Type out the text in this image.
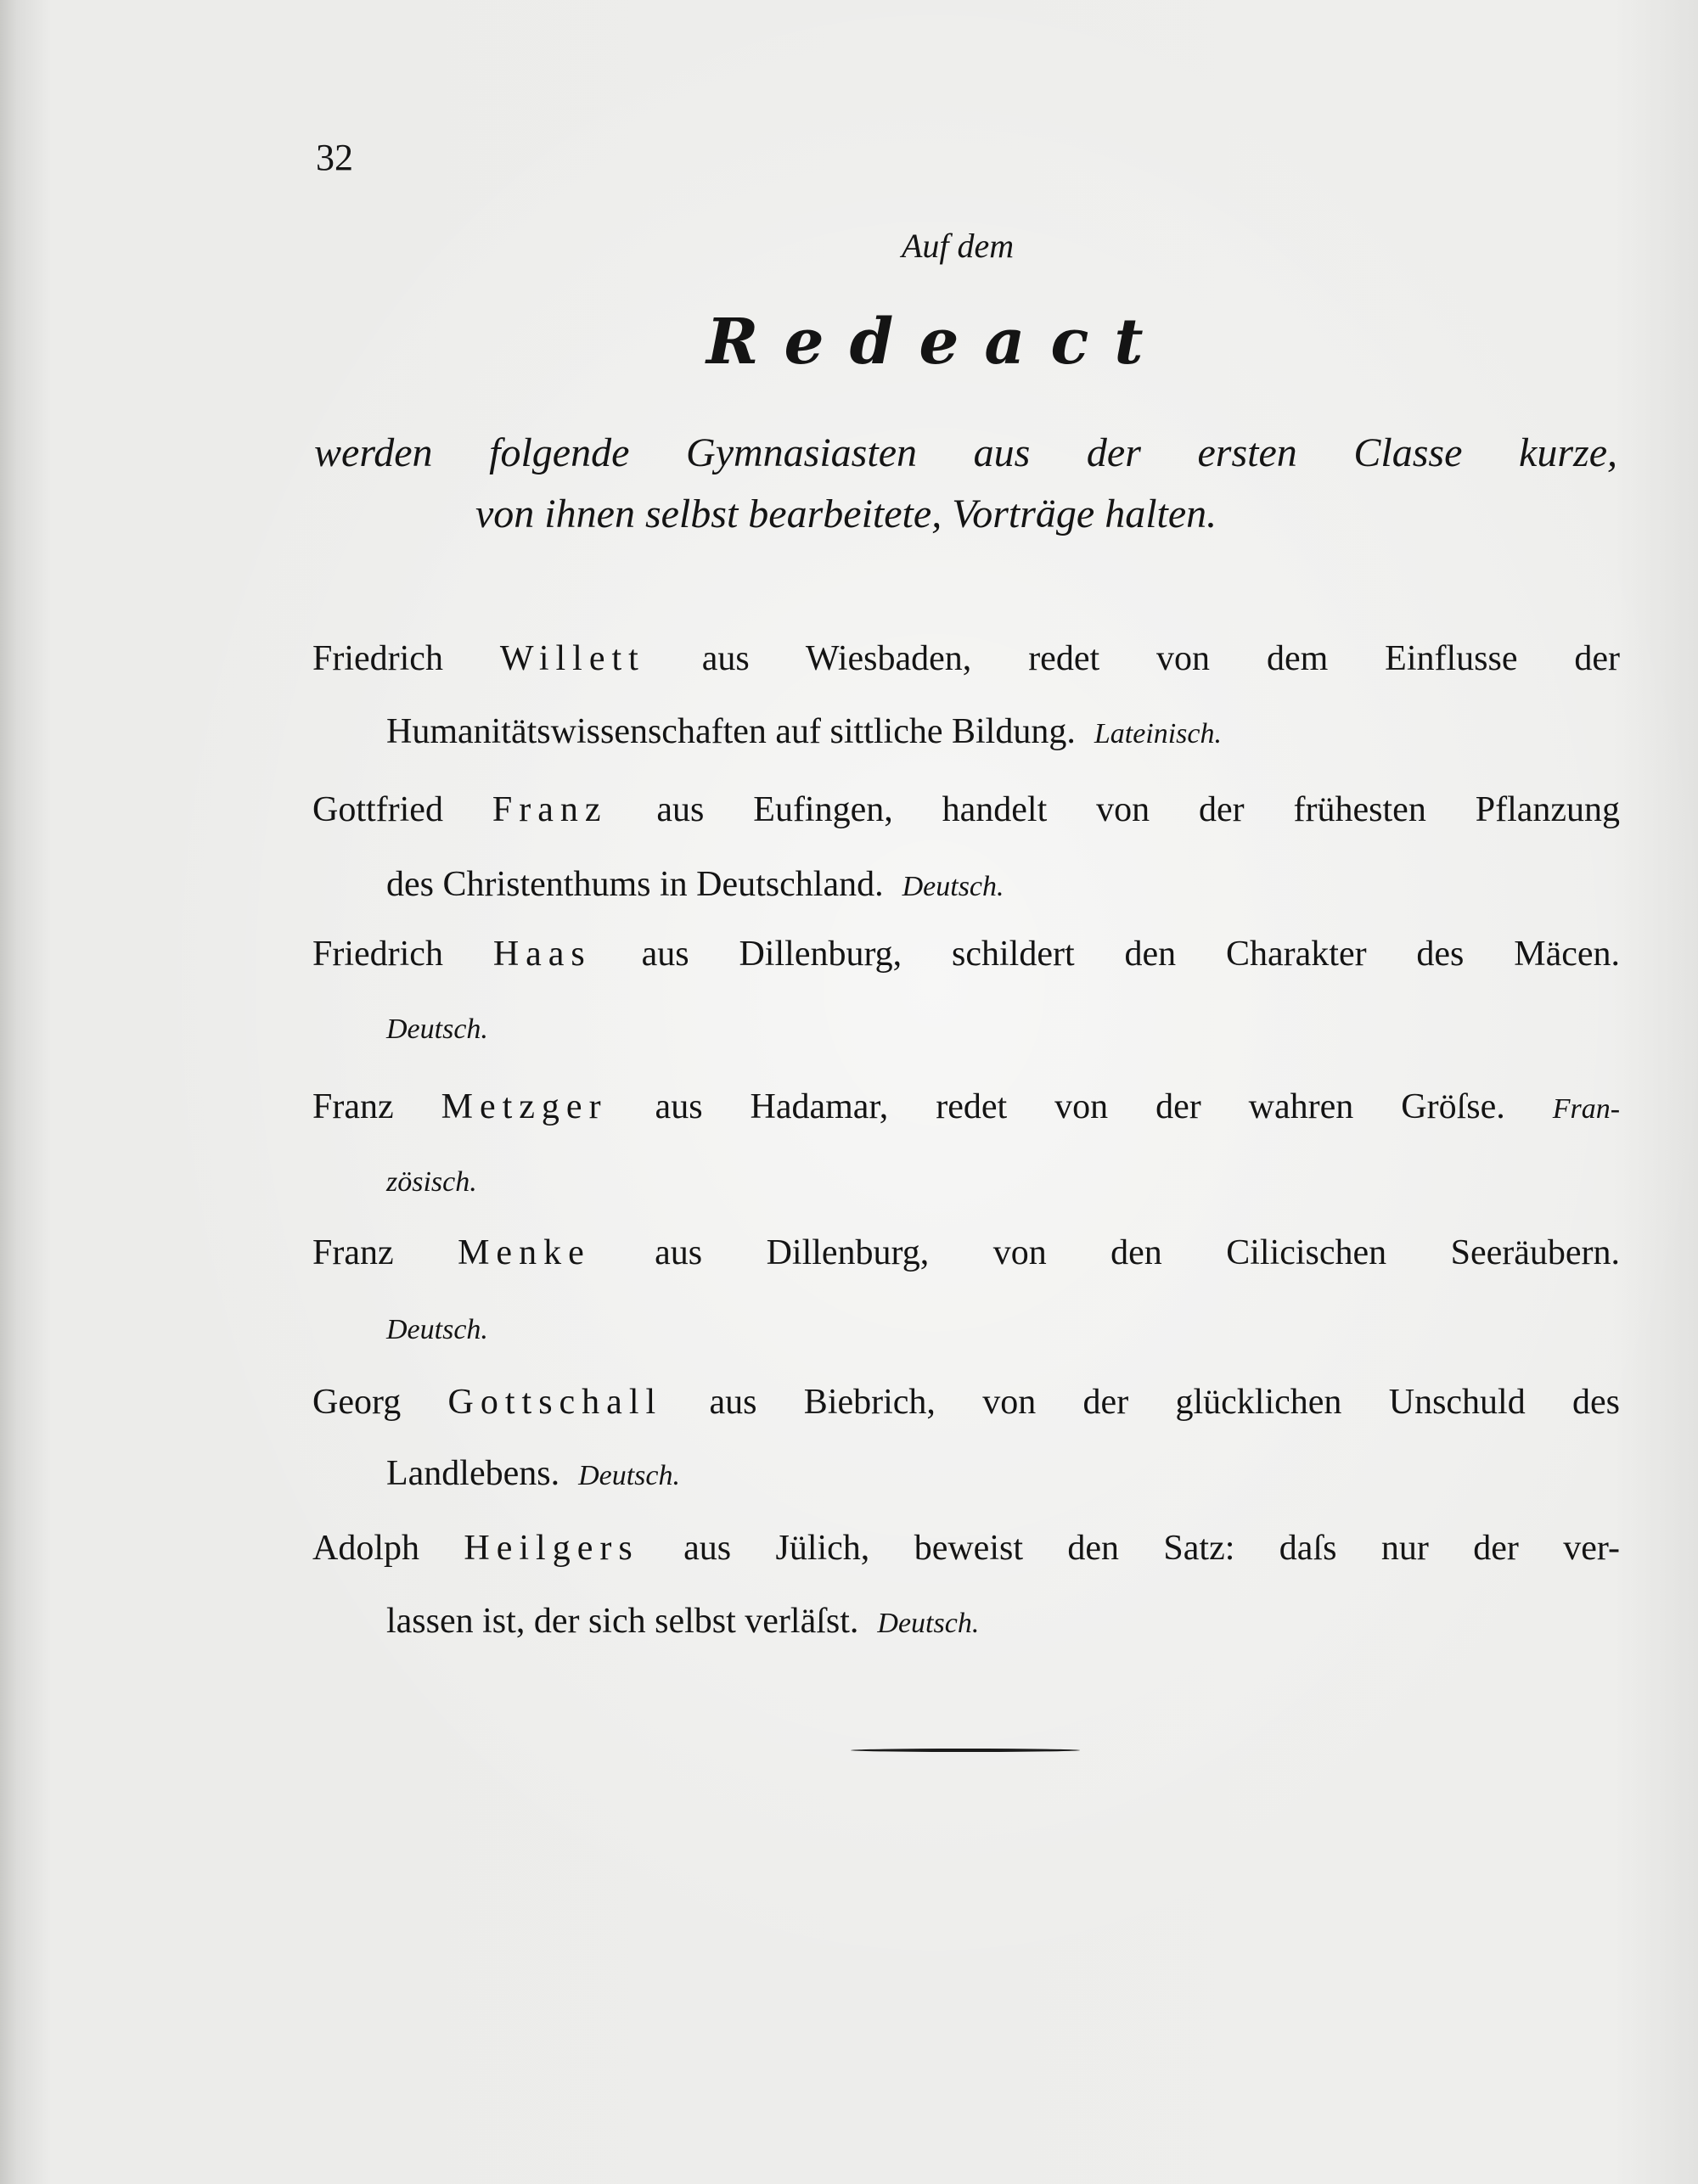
32
Auf dem
Redeact
werden folgende Gymnasiasten aus der ersten Classe kurze,
von ihnen selbst bearbeitete, Vorträge halten.
Friedrich Willett aus Wiesbaden, redet von dem Einflusse der
Humanitätswissenschaften auf sittliche Bildung. Lateinisch.
Gottfried Franz aus Eufingen, handelt von der frühesten Pflanzung
des Christenthums in Deutschland. Deutsch.
Friedrich Haas aus Dillenburg, schildert den Charakter des Mäcen.
Deutsch.
Franz Metzger aus Hadamar, redet von der wahren Gröſse. Fran-
zösisch.
Franz Menke aus Dillenburg, von den Cilicischen Seeräubern.
Deutsch.
Georg Gottschall aus Biebrich, von der glücklichen Unschuld des
Landlebens. Deutsch.
Adolph Heilgers aus Jülich, beweist den Satz: daſs nur der ver-
lassen ist, der sich selbst verläſst. Deutsch.
